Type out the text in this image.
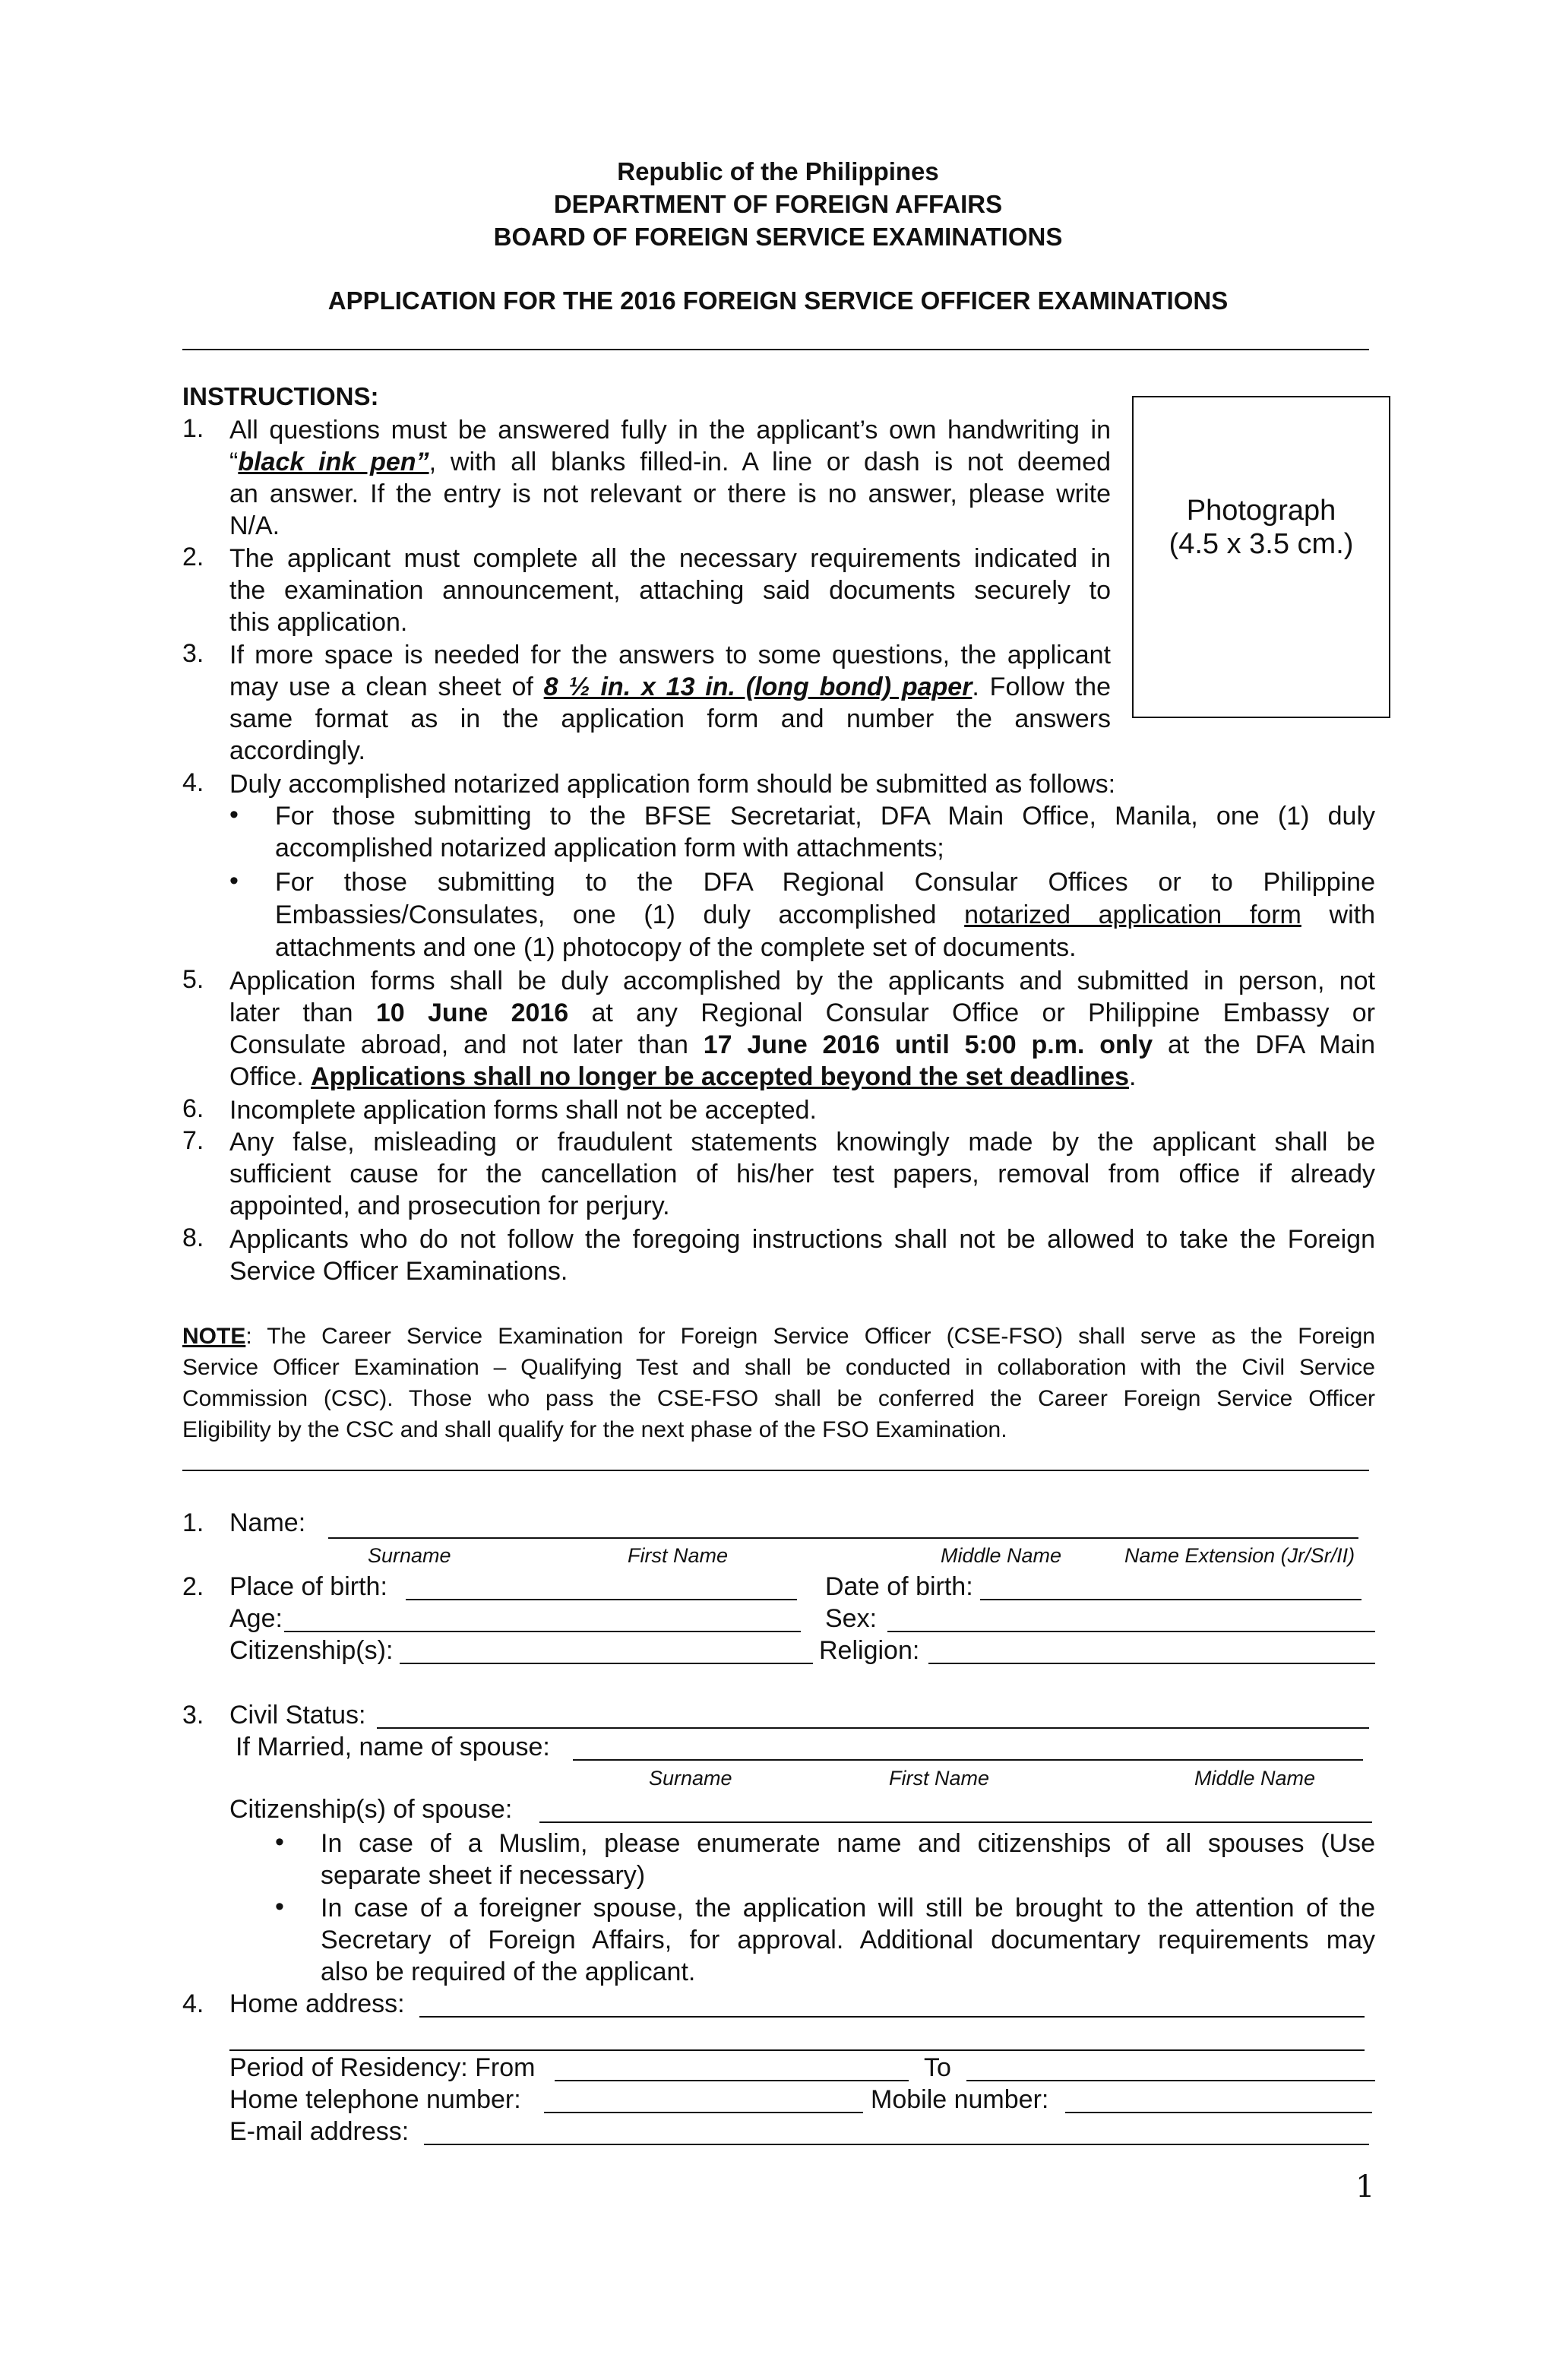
Republic of the Philippines
DEPARTMENT OF FOREIGN AFFAIRS
BOARD OF FOREIGN SERVICE EXAMINATIONS
APPLICATION FOR THE 2016 FOREIGN SERVICE OFFICER EXAMINATIONS
INSTRUCTIONS:
Photograph
(4.5 x 3.5 cm.)
1. All questions must be answered fully in the applicant’s own handwriting in
“black ink pen”, with all blanks filled-in. A line or dash is not deemed
an answer. If the entry is not relevant or there is no answer, please write
N/A.
2. The applicant must complete all the necessary requirements indicated in
the examination announcement, attaching said documents securely to
this application.
3. If more space is needed for the answers to some questions, the applicant
may use a clean sheet of 8 ½ in. x 13 in. (long bond) paper. Follow the
same format as in the application form and number the answers
accordingly.
4. Duly accomplished notarized application form should be submitted as follows:
• For those submitting to the BFSE Secretariat, DFA Main Office, Manila, one (1) duly
accomplished notarized application form with attachments;
• For those submitting to the DFA Regional Consular Offices or to Philippine
Embassies/Consulates, one (1) duly accomplished notarized application form with
attachments and one (1) photocopy of the complete set of documents.
5. Application forms shall be duly accomplished by the applicants and submitted in person, not
later than 10 June 2016 at any Regional Consular Office or Philippine Embassy or
Consulate abroad, and not later than 17 June 2016 until 5:00 p.m. only at the DFA Main
Office. Applications shall no longer be accepted beyond the set deadlines.
6. Incomplete application forms shall not be accepted.
7. Any false, misleading or fraudulent statements knowingly made by the applicant shall be
sufficient cause for the cancellation of his/her test papers, removal from office if already
appointed, and prosecution for perjury.
8. Applicants who do not follow the foregoing instructions shall not be allowed to take the Foreign
Service Officer Examinations.
NOTE: The Career Service Examination for Foreign Service Officer (CSE-FSO) shall serve as the Foreign
Service Officer Examination – Qualifying Test and shall be conducted in collaboration with the Civil Service
Commission (CSC). Those who pass the CSE-FSO shall be conferred the Career Foreign Service Officer
Eligibility by the CSC and shall qualify for the next phase of the FSO Examination.
1. Name:
Surname	First Name	Middle Name	Name Extension (Jr/Sr/II)
2. Place of birth:	Date of birth:
Age:	Sex:
Citizenship(s):	Religion:
3. Civil Status:
If Married, name of spouse:
Surname	First Name	Middle Name
Citizenship(s) of spouse:
• In case of a Muslim, please enumerate name and citizenships of all spouses (Use
separate sheet if necessary)
• In case of a foreigner spouse, the application will still be brought to the attention of the
Secretary of Foreign Affairs, for approval. Additional documentary requirements may
also be required of the applicant.
4. Home address:
Period of Residency: From	To
Home telephone number:	Mobile number:
E-mail address:
1
